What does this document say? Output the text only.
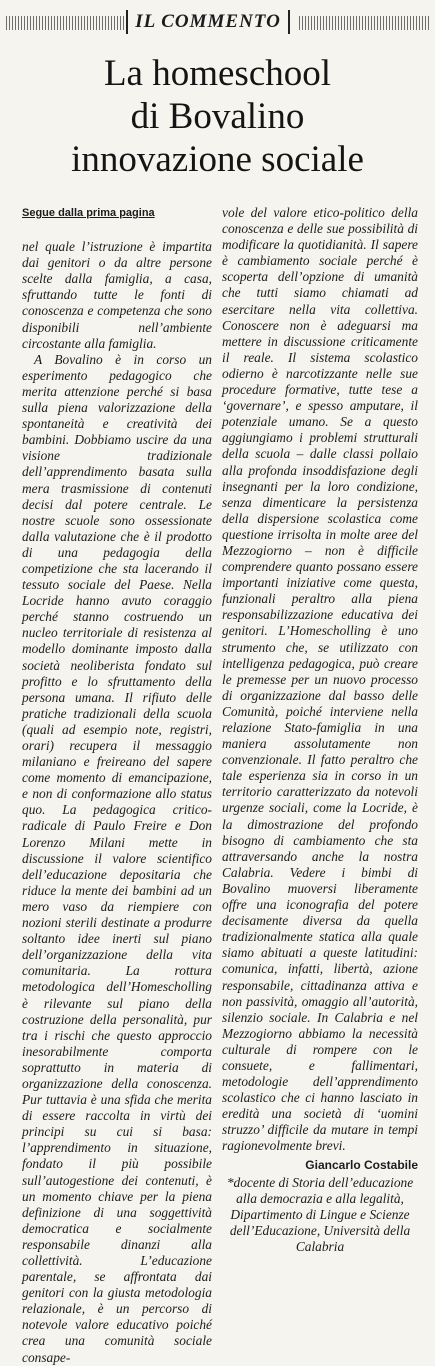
IL COMMENTO
La homeschool
di Bovalino
innovazione sociale
Segue dalla prima pagina

nel quale l’istruzione è impartita dai genitori o da altre persone scelte dalla famiglia, a casa, sfruttando tutte le fonti di conoscenza e competenza che sono disponibili nell’ambiente circostante alla famiglia.

A Bovalino è in corso un esperimento pedagogico che merita attenzione perché si basa sulla piena valorizzazione della spontaneità e creatività dei bambini. Dobbiamo uscire da una visione tradizionale dell’apprendimento basata sulla mera trasmissione di contenuti decisi dal potere centrale. Le nostre scuole sono ossessionate dalla valutazione che è il prodotto di una pedagogia della competizione che sta lacerando il tessuto sociale del Paese. Nella Locride hanno avuto coraggio perché stanno costruendo un nucleo territoriale di resistenza al modello dominante imposto dalla società neoliberista fondato sul profitto e lo sfruttamento della persona umana. Il rifiuto delle pratiche tradizionali della scuola (quali ad esempio note, registri, orari) recupera il messaggio milaniano e freireano del sapere come momento di emancipazione, e non di conformazione allo status quo. La pedagogica critico-radicale di Paulo Freire e Don Lorenzo Milani mette in discussione il valore scientifico dell’educazione depositaria che riduce la mente dei bambini ad un mero vaso da riempiere con nozioni sterili destinate a produrre soltanto idee inerti sul piano dell’organizzazione della vita comunitaria. La rottura metodologica dell’Homescholling è rilevante sul piano della costruzione della personalità, pur tra i rischi che questo approccio inesorabilmente comporta soprattutto in materia di organizzazione della conoscenza. Pur tuttavia è una sfida che merita di essere raccolta in virtù dei principi su cui si basa: l’apprendimento in situazione, fondato il più possibile sull’autogestione dei contenuti, è un momento chiave per la piena definizione di una soggettività democratica e socialmente responsabile dinanzi alla collettività. L’educazione parentale, se affrontata dai genitori con la giusta metodologia relazionale, è un percorso di notevole valore educativo poiché crea una comunità sociale consape-

vole del valore etico-politico della conoscenza e delle sue possibilità di modificare la quotidianità. Il sapere è cambiamento sociale perché è scoperta dell’opzione di umanità che tutti siamo chiamati ad esercitare nella vita collettiva. Conoscere non è adeguarsi ma mettere in discussione criticamente il reale. Il sistema scolastico odierno è narcotizzante nelle sue procedure formative, tutte tese a ‘governare’, e spesso amputare, il potenziale umano. Se a questo aggiungiamo i problemi strutturali della scuola – dalle classi pollaio alla profonda insoddisfazione degli insegnanti per la loro condizione, senza dimenticare la persistenza della dispersione scolastica come questione irrisolta in molte aree del Mezzogiorno – non è difficile comprendere quanto possano essere importanti iniziative come questa, funzionali peraltro alla piena responsabilizzazione educativa dei genitori. L’Homescholling è uno strumento che, se utilizzato con intelligenza pedagogica, può creare le premesse per un nuovo processo di organizzazione dal basso delle Comunità, poiché interviene nella relazione Stato-famiglia in una maniera assolutamente non convenzionale. Il fatto peraltro che tale esperienza sia in corso in un territorio caratterizzato da notevoli urgenze sociali, come la Locride, è la dimostrazione del profondo bisogno di cambiamento che sta attraversando anche la nostra Calabria. Vedere i bimbi di Bovalino muoversi liberamente offre una iconografia del potere decisamente diversa da quella tradizionalmente statica alla quale siamo abituati a queste latitudini: comunica, infatti, libertà, azione responsabile, cittadinanza attiva e non passività, omaggio all’autorità, silenzio sociale. In Calabria e nel Mezzogiorno abbiamo la necessità culturale di rompere con le consuete, e fallimentari, metodologie dell’apprendimento scolastico che ci hanno lasciato in eredità una società di ‘uomini struzzo’ difficile da mutare in tempi ragionevolmente brevi.

Giancarlo Costabile
*docente di Storia dell’educazione alla democrazia e alla legalità, Dipartimento di Lingue e Scienze dell’Educazione, Università della Calabria
